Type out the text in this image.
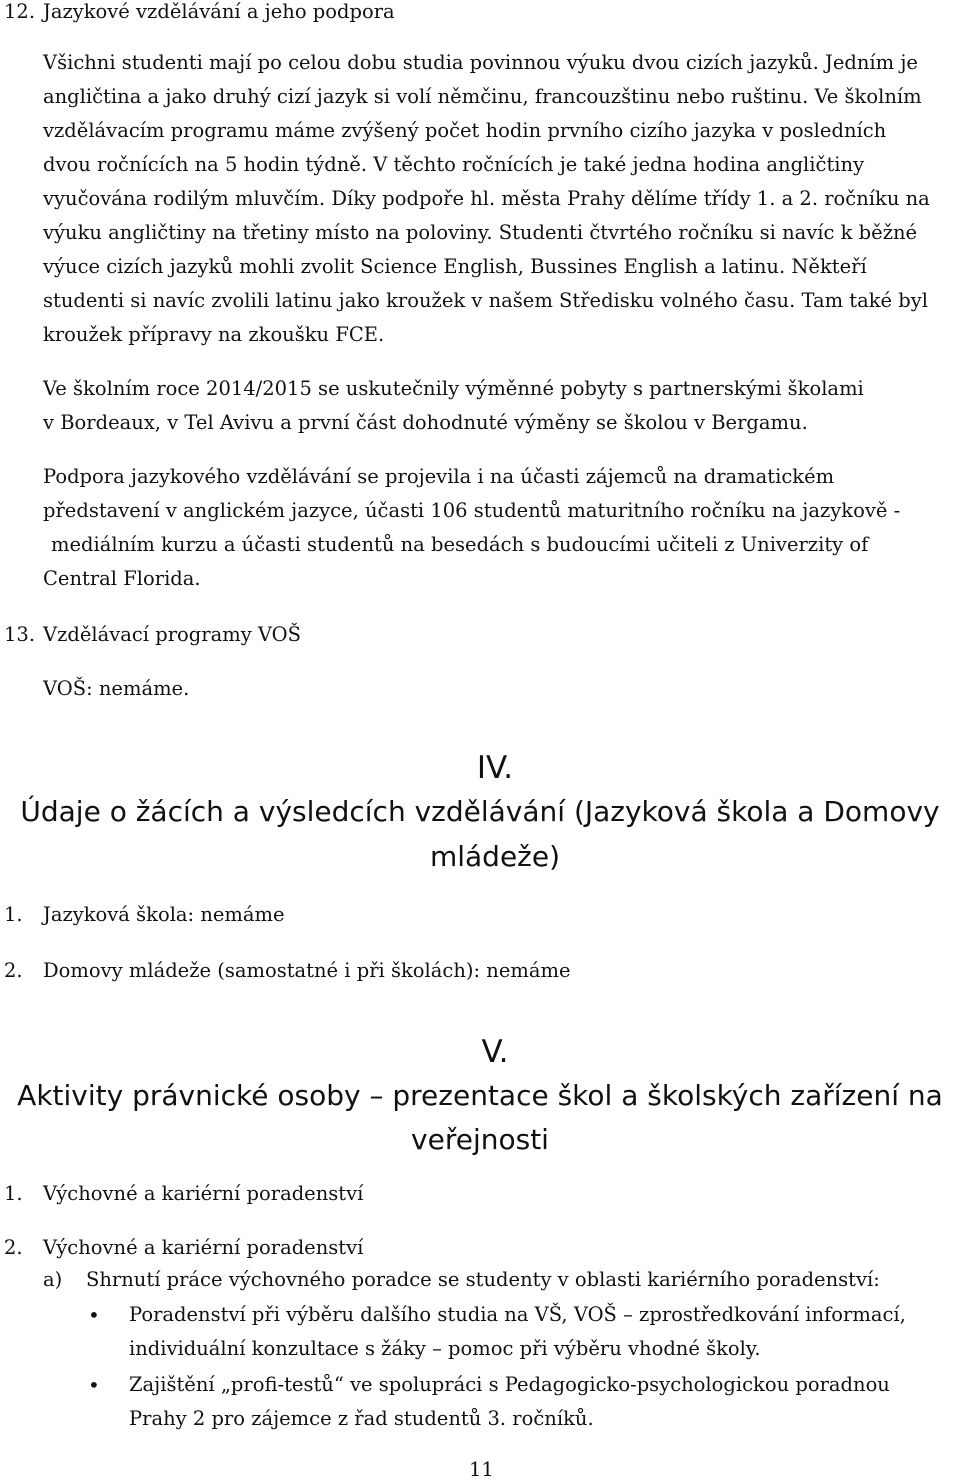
12. Jazykové vzdělávání a jeho podpora
Všichni studenti mají po celou dobu studia povinnou výuku dvou cizích jazyků. Jedním je
angličtina a jako druhý cizí jazyk si volí němčinu, francouzštinu nebo ruštinu. Ve školním
vzdělávacím programu máme zvýšený počet hodin prvního cizího jazyka v posledních
dvou ročnících na 5 hodin týdně. V těchto ročnících je také jedna hodina angličtiny
vyučována rodilým mluvčím. Díky podpoře hl. města Prahy dělíme třídy 1. a 2. ročníku na
výuku angličtiny na třetiny místo na poloviny. Studenti čtvrtého ročníku si navíc k běžné
výuce cizích jazyků mohli zvolit Science English, Bussines English a latinu. Někteří
studenti si navíc zvolili latinu jako kroužek v našem Středisku volného času. Tam také byl
kroužek přípravy na zkoušku FCE.
Ve školním roce 2014/2015 se uskutečnily výměnné pobyty s partnerskými školami
v Bordeaux, v Tel Avivu a první část dohodnuté výměny se školou v Bergamu.
Podpora jazykového vzdělávání se projevila i na účasti zájemců na dramatickém
představení v anglickém jazyce, účasti 106 studentů maturitního ročníku na jazykově -
mediálním kurzu a účasti studentů na besedách s budoucími učiteli z Univerzity of
Central Florida.
13. Vzdělávací programy VOŠ
VOŠ: nemáme.
IV.
Údaje o žácích a výsledcích vzdělávání (Jazyková škola a Domovy
mládeže)
1. Jazyková škola: nemáme
2. Domovy mládeže (samostatné i při školách): nemáme
V.
Aktivity právnické osoby – prezentace škol a školských zařízení na
veřejnosti
1. Výchovné a kariérní poradenství
2. Výchovné a kariérní poradenství
a) Shrnutí práce výchovného poradce se studenty v oblasti kariérního poradenství:
• Poradenství při výběru dalšího studia na VŠ, VOŠ – zprostředkování informací,
individuální konzultace s žáky – pomoc při výběru vhodné školy.
• Zajištění „profi-testů“ ve spolupráci s Pedagogicko-psychologickou poradnou
Prahy 2 pro zájemce z řad studentů 3. ročníků.
11
